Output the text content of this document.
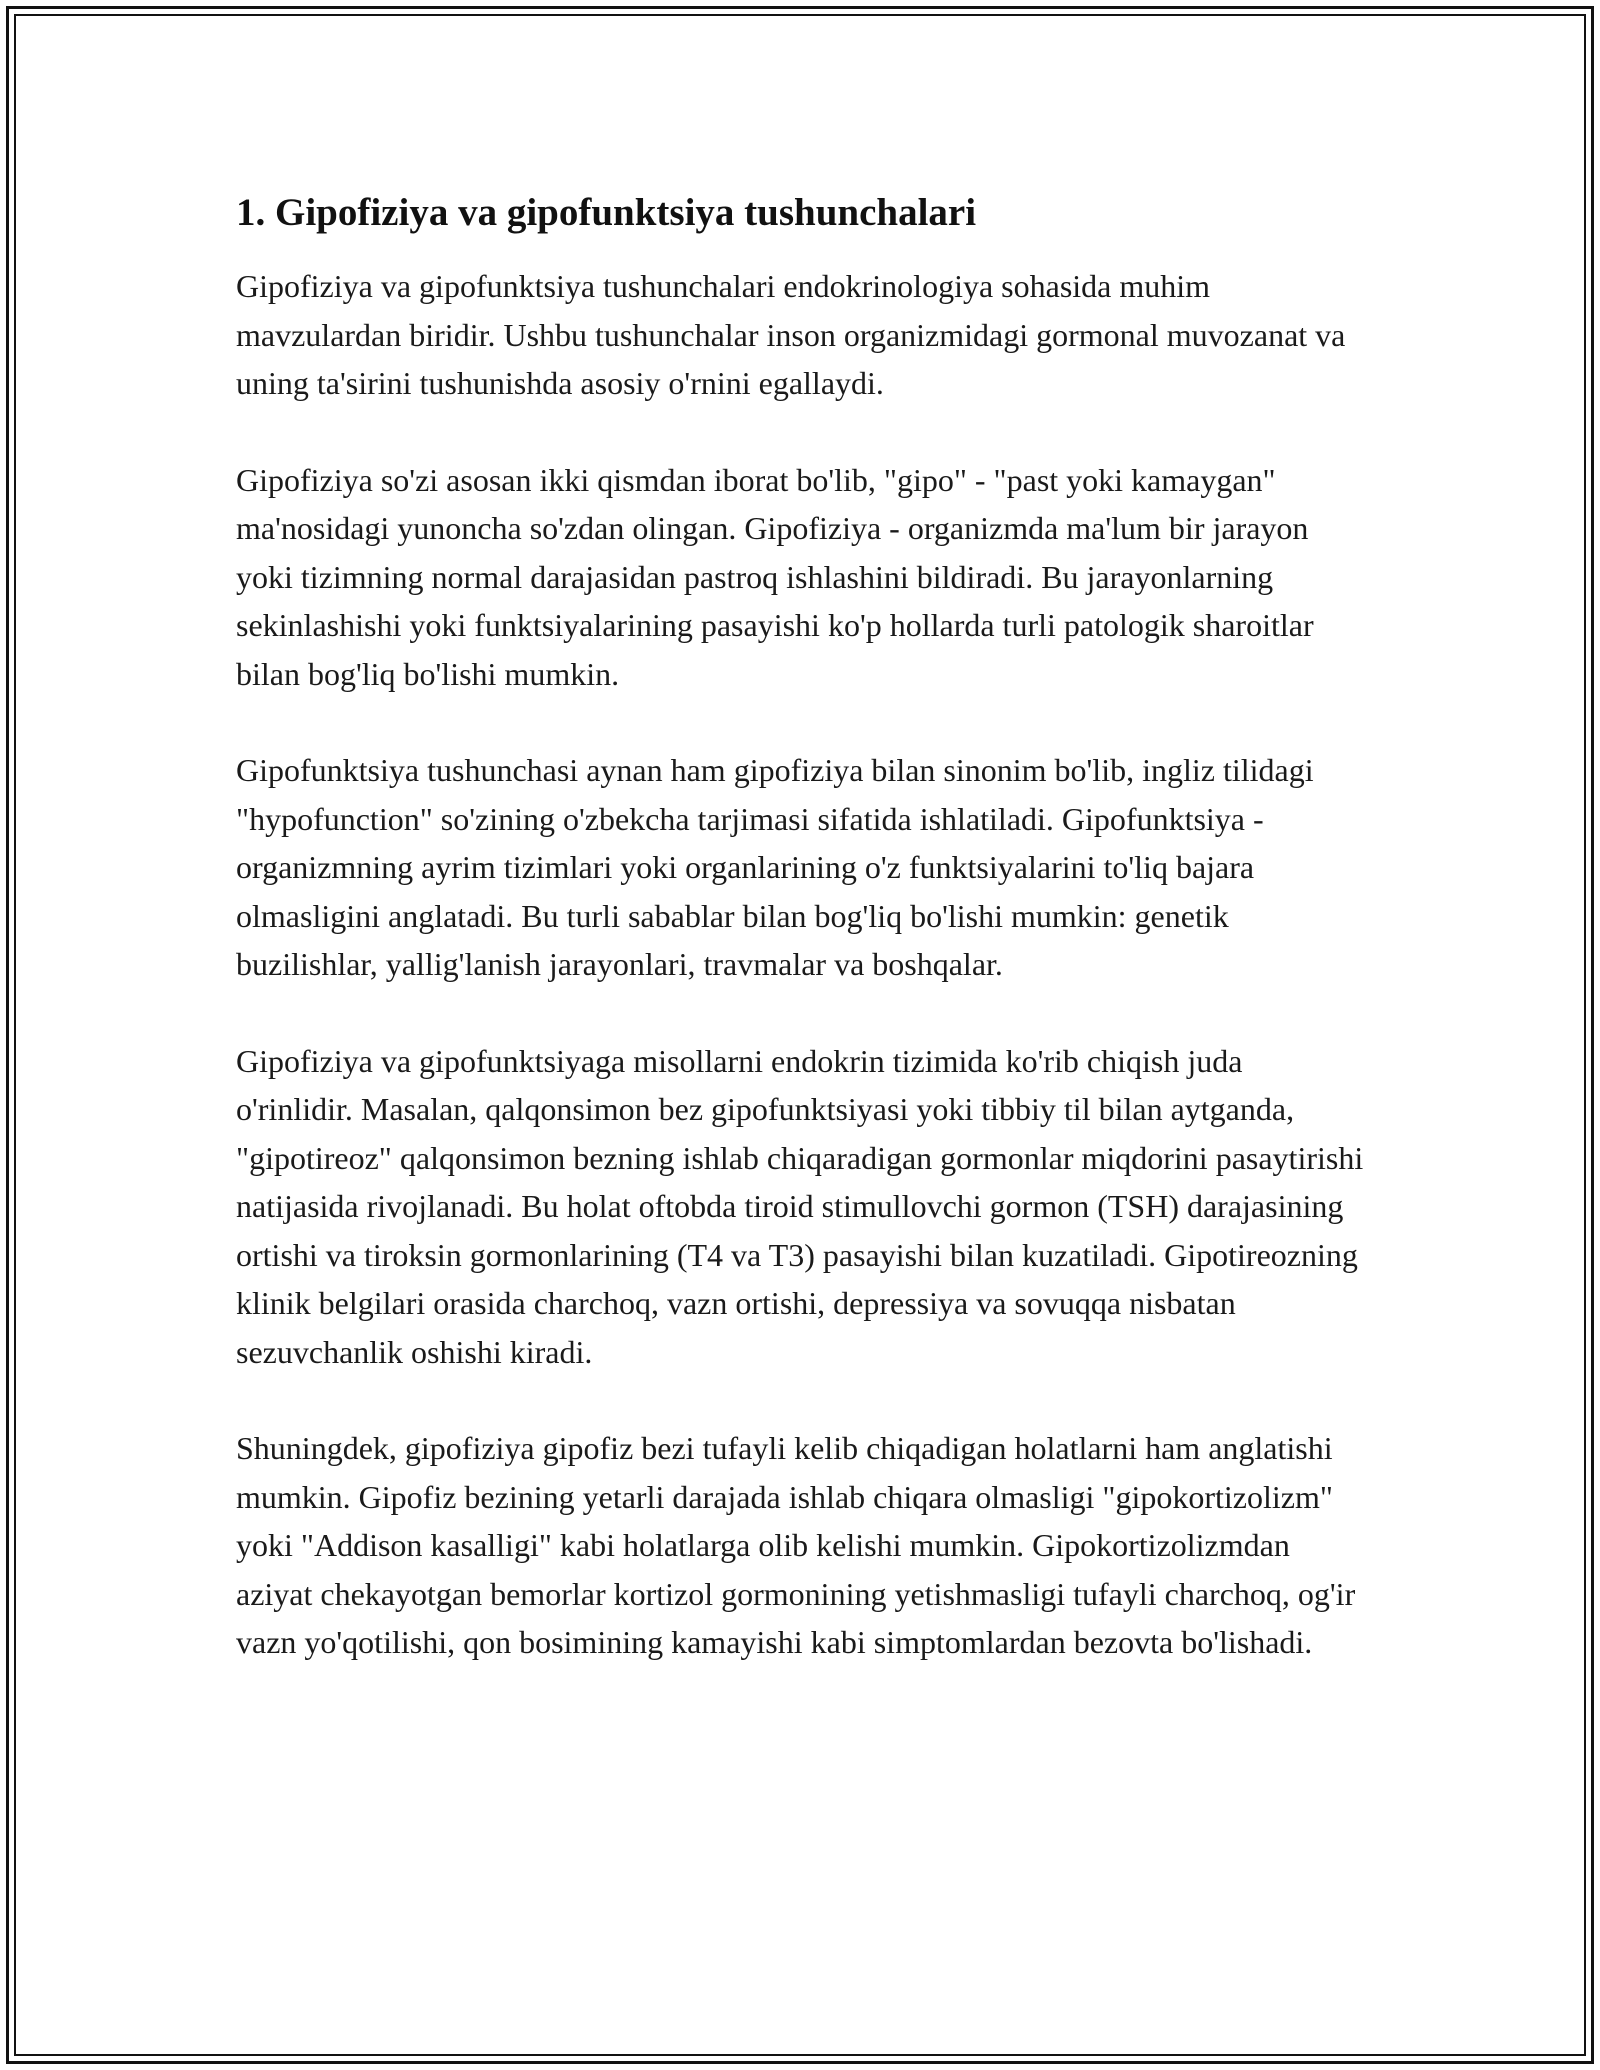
1. Gipofiziya va gipofunktsiya tushunchalari

Gipofiziya va gipofunktsiya tushunchalari endokrinologiya sohasida muhim mavzulardan biridir. Ushbu tushunchalar inson organizmidagi gormonal muvozanat va uning ta'sirini tushunishda asosiy o'rnini egallaydi.

Gipofiziya so'zi asosan ikki qismdan iborat bo'lib, "gipo" - "past yoki kamaygan" ma'nosidagi yunoncha so'zdan olingan. Gipofiziya - organizmda ma'lum bir jarayon yoki tizimning normal darajasidan pastroq ishlashini bildiradi. Bu jarayonlarning sekinlashishi yoki funktsiyalarining pasayishi ko'p hollarda turli patologik sharoitlar bilan bog'liq bo'lishi mumkin.

Gipofunktsiya tushunchasi aynan ham gipofiziya bilan sinonim bo'lib, ingliz tilidagi "hypofunction" so'zining o'zbekcha tarjimasi sifatida ishlatiladi. Gipofunktsiya - organizmning ayrim tizimlari yoki organlarining o'z funktsiyalarini to'liq bajara olmasligini anglatadi. Bu turli sabablar bilan bog'liq bo'lishi mumkin: genetik buzilishlar, yallig'lanish jarayonlari, travmalar va boshqalar.

Gipofiziya va gipofunktsiyaga misollarni endokrin tizimida ko'rib chiqish juda o'rinlidir. Masalan, qalqonsimon bez gipofunktsiyasi yoki tibbiy til bilan aytganda, "gipotireoz" qalqonsimon bezning ishlab chiqaradigan gormonlar miqdorini pasaytirishi natijasida rivojlanadi. Bu holat oftobda tiroid stimullovchi gormon (TSH) darajasining ortishi va tiroksin gormonlarining (T4 va T3) pasayishi bilan kuzatiladi. Gipotireozning klinik belgilari orasida charchoq, vazn ortishi, depressiya va sovuqqa nisbatan sezuvchanlik oshishi kiradi.

Shuningdek, gipofiziya gipofiz bezi tufayli kelib chiqadigan holatlarni ham anglatishi mumkin. Gipofiz bezining yetarli darajada ishlab chiqara olmasligi "gipokortizolizm" yoki "Addison kasalligi" kabi holatlarga olib kelishi mumkin. Gipokortizolizmdan aziyat chekayotgan bemorlar kortizol gormonining yetishmasligi tufayli charchoq, og'ir vazn yo'qotilishi, qon bosimining kamayishi kabi simptomlardan bezovta bo'lishadi.
